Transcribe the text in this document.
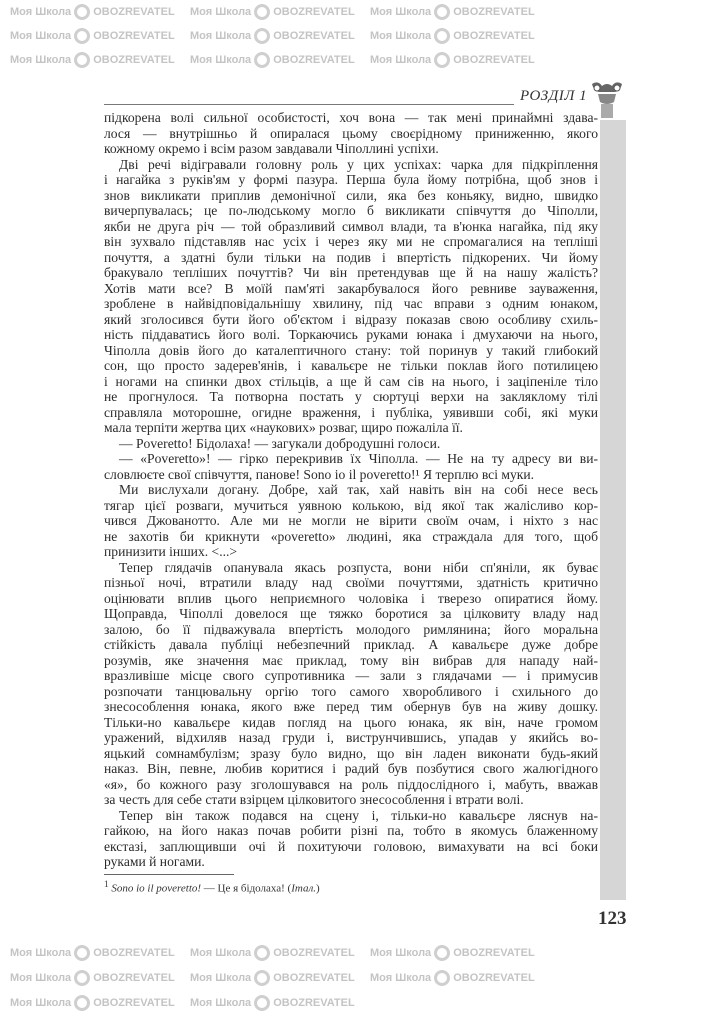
Моя Школа OBOZREVATEL Моя Школа OBOZREVATEL Моя Школа OBOZREVATEL
Моя Школа OBOZREVATEL Моя Школа OBOZREVATEL Моя Школа OBOZREVATEL
Моя Школа OBOZREVATEL Моя Школа OBOZREVATEL Моя Школа OBOZREVATEL
Моя Школа OBOZREVATEL Моя Школа OBOZREVATEL Моя Школа OBOZREVATEL
Моя Школа OBOZREVATEL Моя Школа OBOZREVATEL Моя Школа OBOZREVATEL
Моя Школа OBOZREVATEL Моя Школа OBOZREVATEL
РОЗДІЛ 1
підкорена волі сильної особистості, хоч вона — так мені принаймні здава-
лося — внутрішньо й опиралася цьому своєрідному приниженню, якого
кожному окремо і всім разом завдавали Чіполлині успіхи.
Дві речі відігравали головну роль у цих успіхах: чарка для підкріплення
і нагайка з руків'ям у формі пазура. Перша була йому потрібна, щоб знов і
знов викликати приплив демонічної сили, яка без коньяку, видно, швидко
вичерпувалась; це по-людському могло б викликати співчуття до Чіполли,
якби не друга річ — той образливий символ влади, та в'юнка нагайка, під яку
він зухвало підставляв нас усіх і через яку ми не спромагалися на тепліші
почуття, а здатні були тільки на подив і впертість підкорених. Чи йому
бракувало тепліших почуттів? Чи він претендував ще й на нашу жалість?
Хотів мати все? В моїй пам'яті закарбувалося його ревниве зауваження,
зроблене в найвідповідальнішу хвилину, під час вправи з одним юнаком,
який зголосився бути його об'єктом і відразу показав свою особливу схиль-
ність піддаватись його волі. Торкаючись руками юнака і дмухаючи на нього,
Чіполла довів його до каталептичного стану: той поринув у такий глибокий
сон, що просто задерев'янів, і кавальєре не тільки поклав його потилицею
і ногами на спинки двох стільців, а ще й сам сів на нього, і заціпеніле тіло
не прогнулося. Та потворна постать у сюртуці верхи на закляклому тілі
справляла моторошне, огидне враження, і публіка, уявивши собі, які муки
мала терпіти жертва цих «наукових» розваг, щиро пожаліла її.
— Poveretto! Бідолаха! — загукали добродушні голоси.
— «Poveretto»! — гірко перекривив їх Чіполла. — Не на ту адресу ви ви-
словлюєте свої співчуття, панове! Sono io il poveretto!¹ Я терплю всі муки.
Ми вислухали догану. Добре, хай так, хай навіть він на собі несе весь
тягар цієї розваги, мучиться уявною колькою, від якої так жалісливо кор-
чився Джованотто. Але ми не могли не вірити своїм очам, і ніхто з нас
не захотів би крикнути «poveretto» людині, яка страждала для того, щоб
принизити інших. <...>
Тепер глядачів опанувала якась розпуста, вони ніби сп'яніли, як буває
пізньої ночі, втратили владу над своїми почуттями, здатність критично
оцінювати вплив цього неприємного чоловіка і тверезо опиратися йому.
Щоправда, Чіполлі довелося ще тяжко боротися за цілковиту владу над
залою, бо її підважувала впертість молодого римлянина; його моральна
стійкість давала публіці небезпечний приклад. А кавальєре дуже добре
розумів, яке значення має приклад, тому він вибрав для нападу най-
вразливіше місце свого супротивника — зали з глядачами — і примусив
розпочати танцювальну оргію того самого хворобливого і схильного до
знесособлення юнака, якого вже перед тим обернув був на живу дошку.
Тільки-но кавальєре кидав погляд на цього юнака, як він, наче громом
уражений, відхиляв назад груди і, виструнчившись, упадав у якийсь во-
яцький сомнамбулізм; зразу було видно, що він ладен виконати будь-який
наказ. Він, певне, любив коритися і радий був позбутися свого жалюгідного
«я», бо кожного разу зголошувався на роль піддослідного і, мабуть, вважав
за честь для себе стати взірцем цілковитого знесособлення і втрати волі.
Тепер він також подався на сцену і, тільки-но кавальєре ляснув на-
гайкою, на його наказ почав робити різні па, тобто в якомусь блаженному
екстазі, заплющивши очі й похитуючи головою, вимахувати на всі боки
руками й ногами.
$^1$ Sono io il poveretto! — Це я бідолаха! (Італ.)
123
